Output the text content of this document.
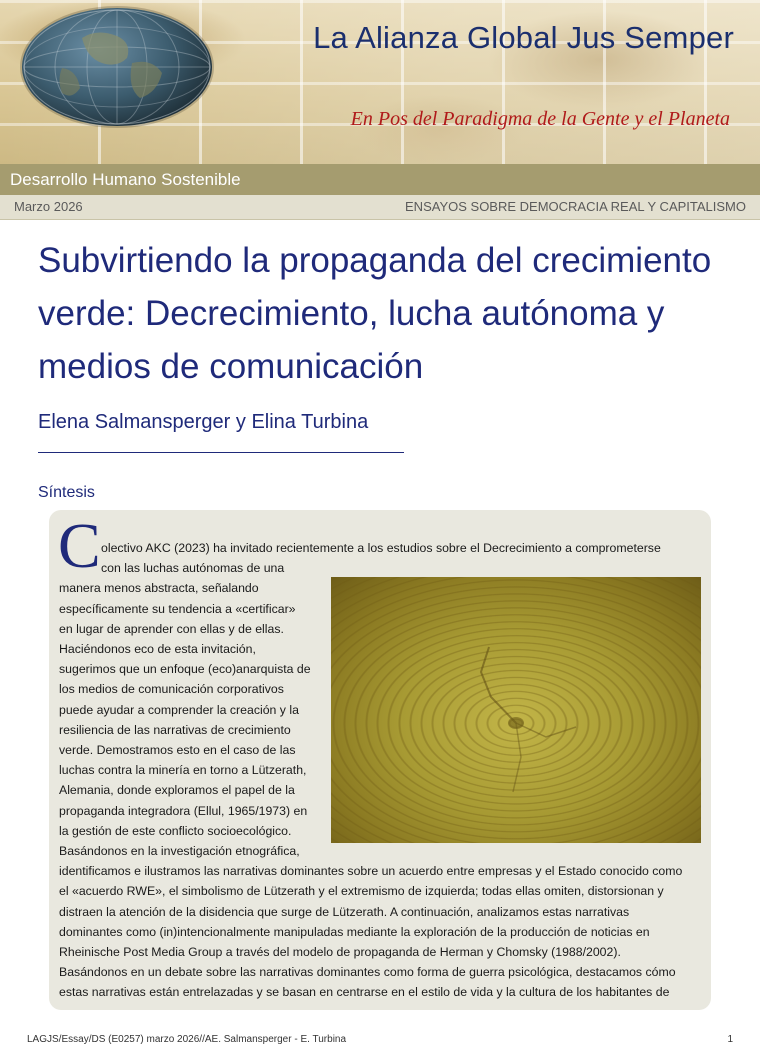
La Alianza Global Jus Semper
En Pos del Paradigma de la Gente y el Planeta
Desarrollo Humano Sostenible
Marzo 2026	ENSAYOS SOBRE DEMOCRACIA REAL Y CAPITALISMO
Subvirtiendo la propaganda del crecimiento verde: Decrecimiento, lucha autónoma y medios de comunicación
Elena Salmansperger y Elina Turbina
Síntesis
C olectivo AKC (2023) ha invitado recientemente a los estudios sobre el Decrecimiento a comprometerse
con las luchas autónomas de una
manera menos abstracta, señalando
específicamente su tendencia a «certificar»
en lugar de aprender con ellas y de ellas.
Haciéndonos eco de esta invitación,
sugerimos que un enfoque (eco)anarquista de
los medios de comunicación corporativos
puede ayudar a comprender la creación y la
resiliencia de las narrativas de crecimiento
verde. Demostramos esto en el caso de las
luchas contra la minería en torno a Lützerath,
Alemania, donde exploramos el papel de la
propaganda integradora (Ellul, 1965/1973) en
la gestión de este conflicto socioecológico.
Basándonos en la investigación etnográfica,
identificamos e ilustramos las narrativas dominantes sobre un acuerdo entre empresas y el Estado conocido como
el «acuerdo RWE», el simbolismo de Lützerath y el extremismo de izquierda; todas ellas omiten, distorsionan y
distraen la atención de la disidencia que surge de Lützerath. A continuación, analizamos estas narrativas
dominantes como (in)intencionalmente manipuladas mediante la exploración de la producción de noticias en
Rheinische Post Media Group a través del modelo de propaganda de Herman y Chomsky (1988/2002).
Basándonos en un debate sobre las narrativas dominantes como forma de guerra psicológica, destacamos cómo
estas narrativas están entrelazadas y se basan en centrarse en el estilo de vida y la cultura de los habitantes de
LAGJS/Essay/DS (E0257) marzo 2026//AE. Salmansperger - E. Turbina	1
